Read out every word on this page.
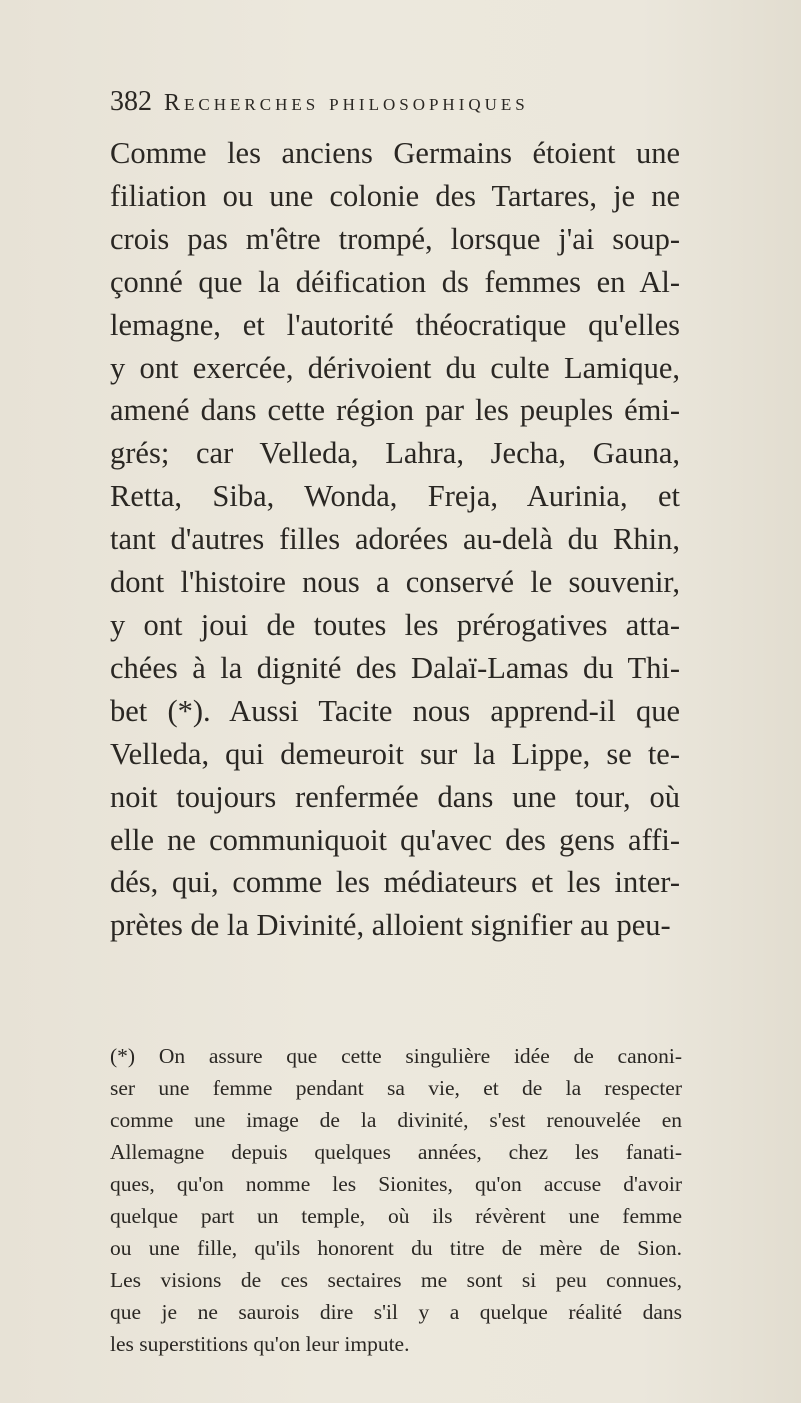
382 Recherches philosophiques
Comme les anciens Germains étoient une
filiation ou une colonie des Tartares, je ne
crois pas m'être trompé, lorsque j'ai soup-
çonné que la déification ds femmes en Al-
lemagne, et l'autorité théocratique qu'elles
y ont exercée, dérivoient du culte Lamique,
amené dans cette région par les peuples émi-
grés; car Velleda, Lahra, Jecha, Gauna,
Retta, Siba, Wonda, Freja, Aurinia, et
tant d'autres filles adorées au-delà du Rhin,
dont l'histoire nous a conservé le souvenir,
y ont joui de toutes les prérogatives atta-
chées à la dignité des Dalaï-Lamas du Thi-
bet (*). Aussi Tacite nous apprend-il que
Velleda, qui demeuroit sur la Lippe, se te-
noit toujours renfermée dans une tour, où
elle ne communiquoit qu'avec des gens affi-
dés, qui, comme les médiateurs et les inter-
prètes de la Divinité, alloient signifier au peu-
(*) On assure que cette singulière idée de canoni-
ser une femme pendant sa vie, et de la respecter
comme une image de la divinité, s'est renouvelée en
Allemagne depuis quelques années, chez les fanati-
ques, qu'on nomme les Sionites, qu'on accuse d'avoir
quelque part un temple, où ils révèrent une femme
ou une fille, qu'ils honorent du titre de mère de Sion.
Les visions de ces sectaires me sont si peu connues,
que je ne saurois dire s'il y a quelque réalité dans
les superstitions qu'on leur impute.
